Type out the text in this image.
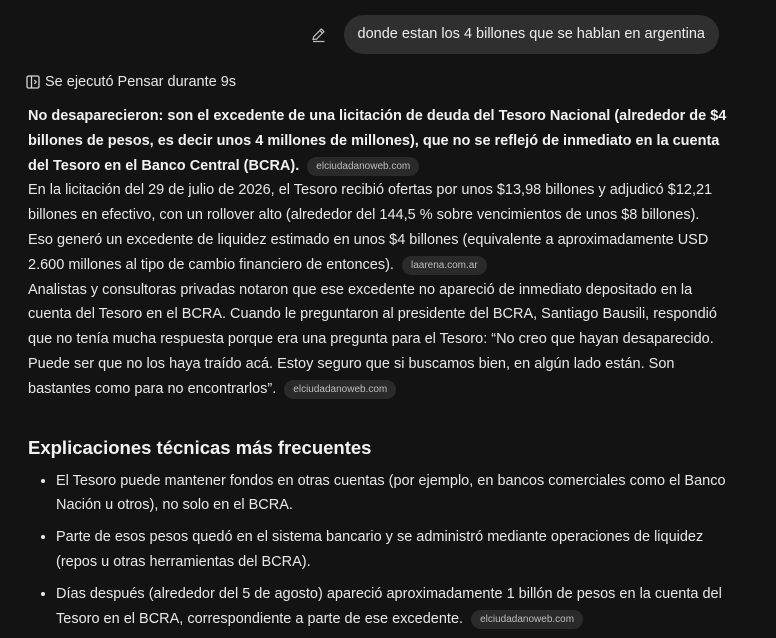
donde estan los 4 billones que se hablan en argentina
Se ejecutó Pensar durante 9s

No desaparecieron: son el excedente de una licitación de deuda del Tesoro Nacional (alrededor de $4 billones de pesos, es decir unos 4 millones de millones), que no se reflejó de inmediato en la cuenta del Tesoro en el Banco Central (BCRA). elciudadanoweb.com

En la licitación del 29 de julio de 2026, el Tesoro recibió ofertas por unos $13,98 billones y adjudicó $12,21 billones en efectivo, con un rollover alto (alrededor del 144,5 % sobre vencimientos de unos $8 billones). Eso generó un excedente de liquidez estimado en unos $4 billones (equivalente a aproximadamente USD 2.600 millones al tipo de cambio financiero de entonces). laarena.com.ar

Analistas y consultoras privadas notaron que ese excedente no apareció de inmediato depositado en la cuenta del Tesoro en el BCRA. Cuando le preguntaron al presidente del BCRA, Santiago Bausili, respondió que no tenía mucha respuesta porque era una pregunta para el Tesoro: “No creo que hayan desaparecido. Puede ser que no los haya traído acá. Estoy seguro que si buscamos bien, en algún lado están. Son bastantes como para no encontrarlos”. elciudadanoweb.com

Explicaciones técnicas más frecuentes
• El Tesoro puede mantener fondos en otras cuentas (por ejemplo, en bancos comerciales como el Banco Nación u otros), no solo en el BCRA.
• Parte de esos pesos quedó en el sistema bancario y se administró mediante operaciones de liquidez (repos u otras herramientas del BCRA).
• Días después (alrededor del 5 de agosto) apareció aproximadamente 1 billón de pesos en la cuenta del Tesoro en el BCRA, correspondiente a parte de ese excedente. elciudadanoweb.com
